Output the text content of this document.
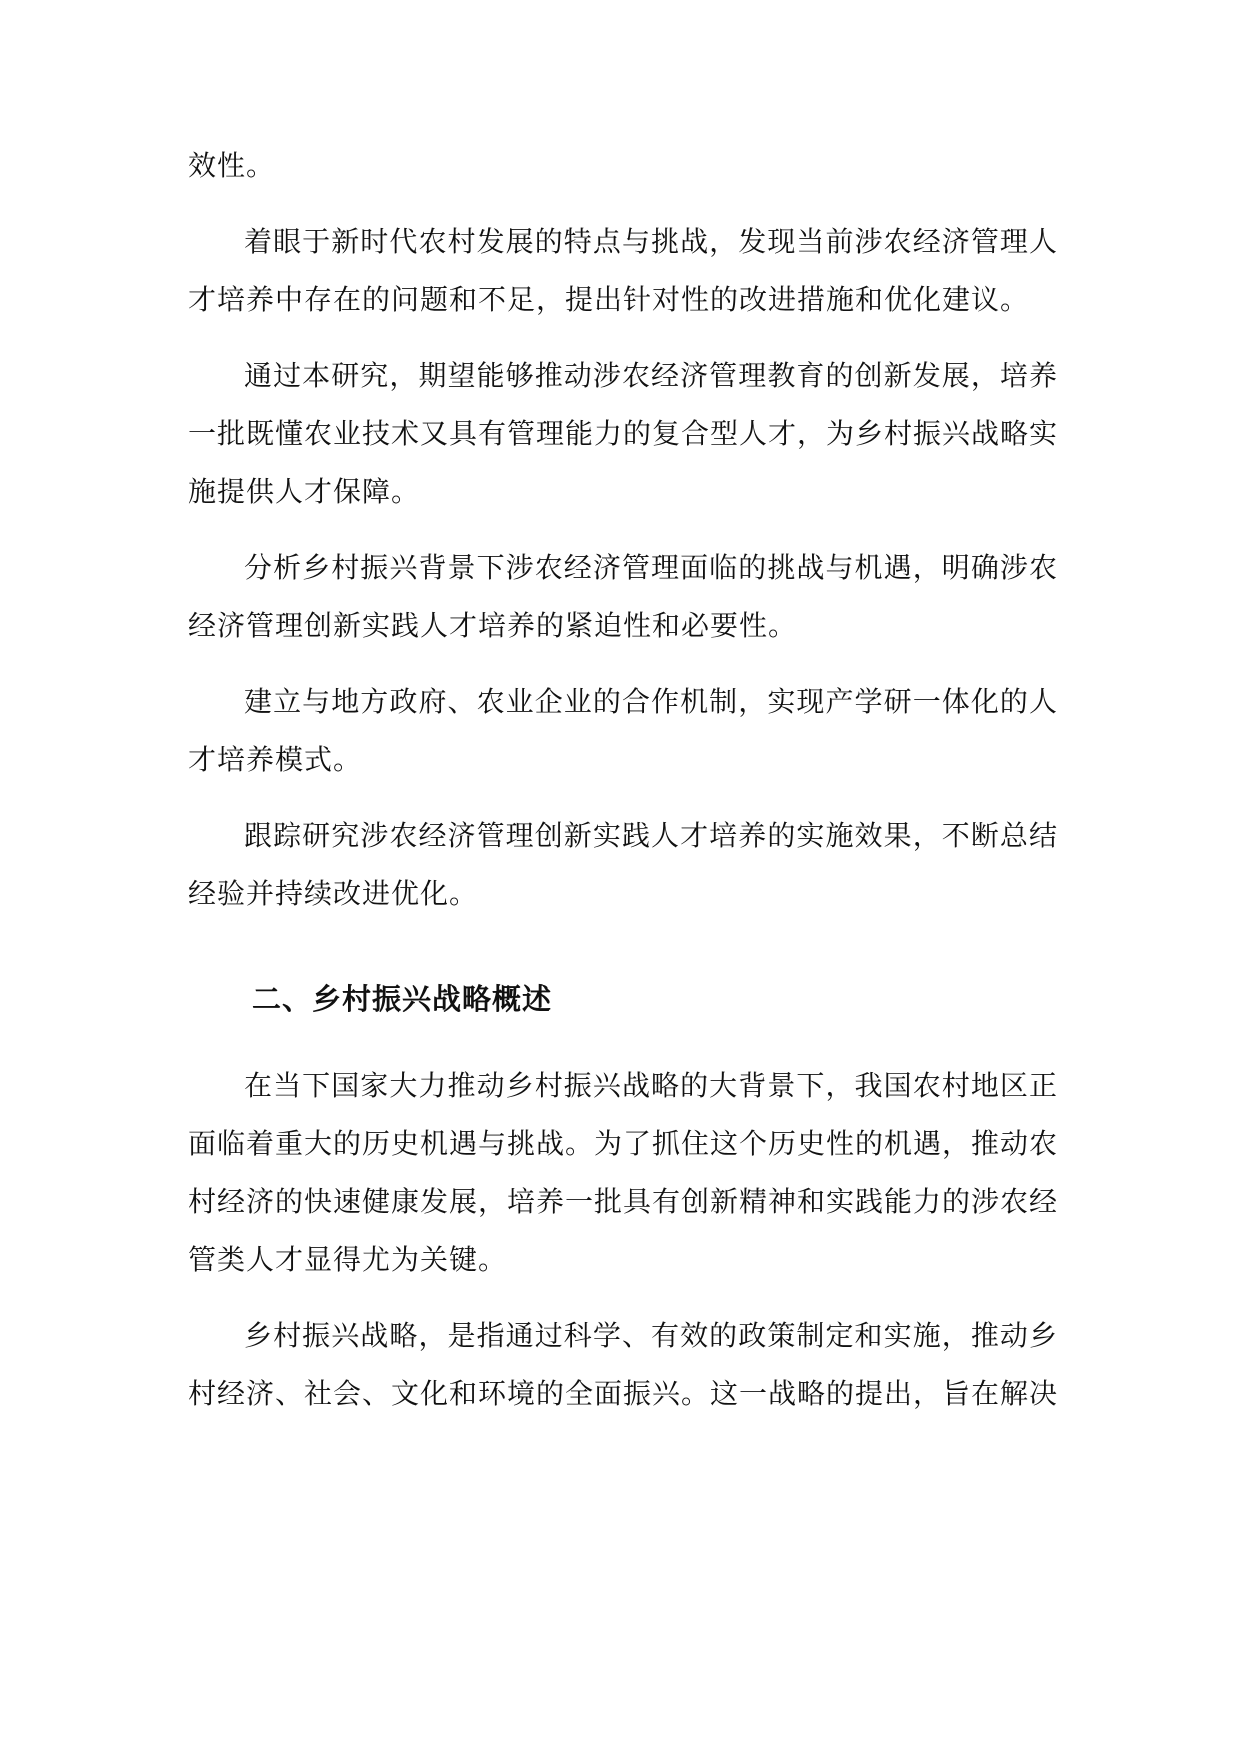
效性。

着眼于新时代农村发展的特点与挑战，发现当前涉农经济管理人才培养中存在的问题和不足，提出针对性的改进措施和优化建议。

通过本研究，期望能够推动涉农经济管理教育的创新发展，培养一批既懂农业技术又具有管理能力的复合型人才，为乡村振兴战略实施提供人才保障。

分析乡村振兴背景下涉农经济管理面临的挑战与机遇，明确涉农经济管理创新实践人才培养的紧迫性和必要性。

建立与地方政府、农业企业的合作机制，实现产学研一体化的人才培养模式。

跟踪研究涉农经济管理创新实践人才培养的实施效果，不断总结经验并持续改进优化。

二、乡村振兴战略概述

在当下国家大力推动乡村振兴战略的大背景下，我国农村地区正面临着重大的历史机遇与挑战。为了抓住这个历史性的机遇，推动农村经济的快速健康发展，培养一批具有创新精神和实践能力的涉农经管类人才显得尤为关键。

乡村振兴战略，是指通过科学、有效的政策制定和实施，推动乡村经济、社会、文化和环境的全面振兴。这一战略的提出，旨在解决
